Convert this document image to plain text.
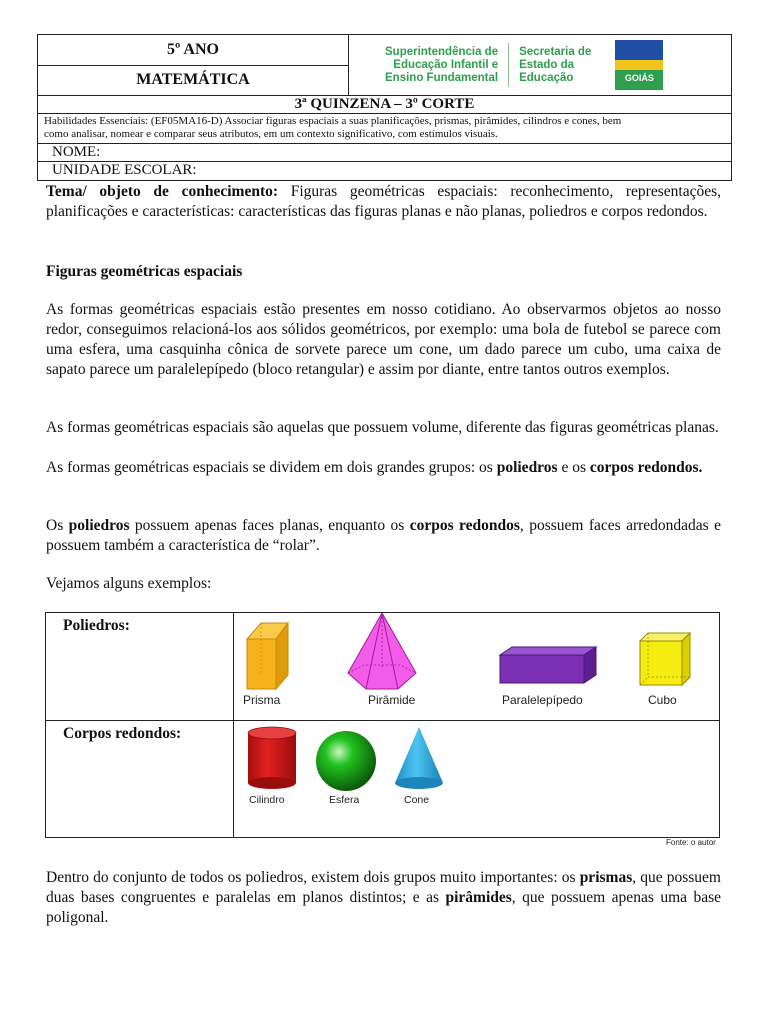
5º ANO
MATEMÁTICA
Superintendência de
Educação Infantil e
Ensino Fundamental
Secretaria de
Estado da
Educação	GOIÁS
3ª QUINZENA – 3º CORTE
Habilidades Essenciais: (EF05MA16-D) Associar figuras espaciais a suas planificações, prismas, pirâmides, cilindros e cones, bem
como analisar, nomear e comparar seus atributos, em um contexto significativo, com estímulos visuais.
NOME:
UNIDADE ESCOLAR:
Tema/ objeto de conhecimento: Figuras geométricas espaciais: reconhecimento, representações, planificações e características: características das figuras planas e não planas, poliedros e corpos redondos.
Figuras geométricas espaciais
As formas geométricas espaciais estão presentes em nosso cotidiano. Ao observarmos objetos ao nosso redor, conseguimos relacioná-los aos sólidos geométricos, por exemplo: uma bola de futebol se parece com uma esfera, uma casquinha cônica de sorvete parece um cone, um dado parece um cubo, uma caixa de sapato parece um paralelepípedo (bloco retangular) e assim por diante, entre tantos outros exemplos.
As formas geométricas espaciais são aquelas que possuem volume, diferente das figuras geométricas planas.
As formas geométricas espaciais se dividem em dois grandes grupos: os poliedros e os corpos redondos.
Os poliedros possuem apenas faces planas, enquanto os corpos redondos, possuem faces arredondadas e possuem também a característica de “rolar”.
Vejamos alguns exemplos:
Poliedros:
Prisma	Pirâmide	Paralelepípedo	Cubo
Corpos redondos:
Cilindro	Esfera	Cone
Fonte: o autor
Dentro do conjunto de todos os poliedros, existem dois grupos muito importantes: os prismas, que possuem duas bases congruentes e paralelas em planos distintos; e as pirâmides, que possuem apenas uma base poligonal.
